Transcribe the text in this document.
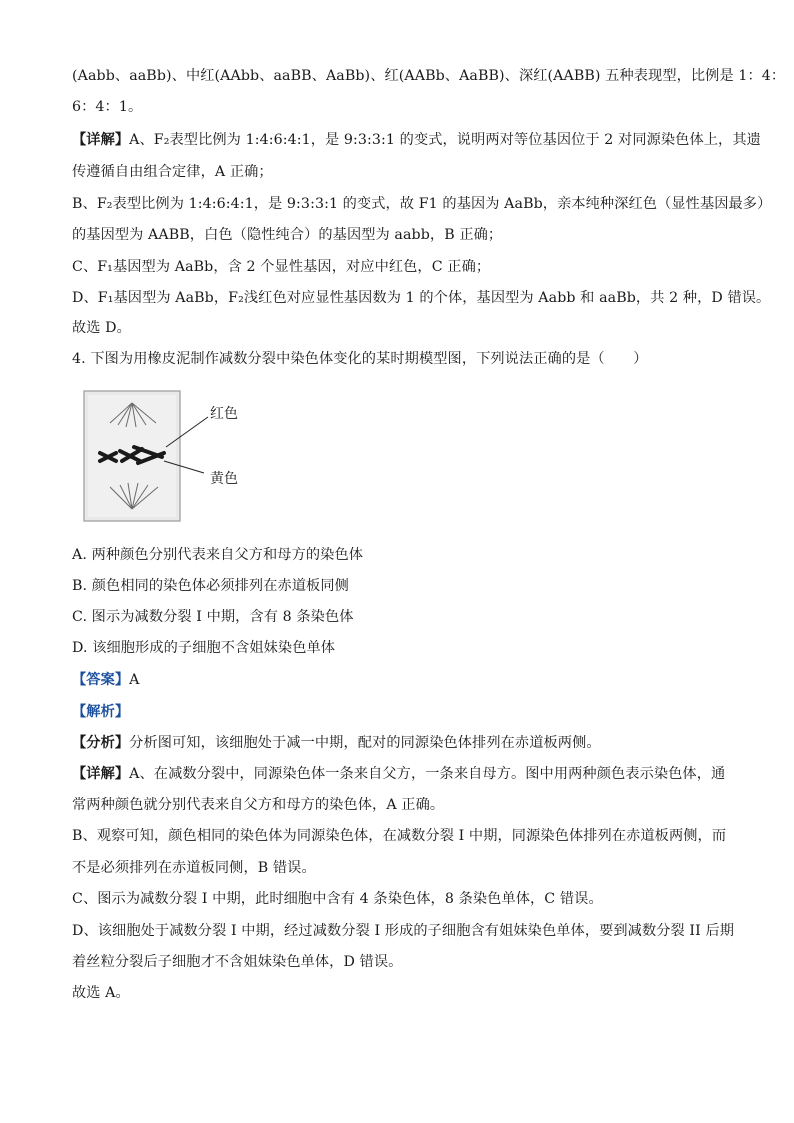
(Aabb、aaBb)、中红(AAbb、aaBB、AaBb)、红(AABb、AaBB)、深红(AABB) 五种表现型，比例是 1：4：
6：4：1。
【详解】A、F₂表型比例为 1:4:6:4:1，是 9:3:3:1 的变式，说明两对等位基因位于 2 对同源染色体上，其遗
传遵循自由组合定律，A 正确；
B、F₂表型比例为 1:4:6:4:1，是 9:3:3:1 的变式，故 F1 的基因为 AaBb，亲本纯种深红色（显性基因最多）
的基因型为 AABB，白色（隐性纯合）的基因型为 aabb，B 正确；
C、F₁基因型为 AaBb，含 2 个显性基因，对应中红色，C 正确；
D、F₁基因型为 AaBb，F₂浅红色对应显性基因数为 1 的个体，基因型为 Aabb 和 aaBb，共 2 种，D 错误。
故选 D。
4. 下图为用橡皮泥制作减数分裂中染色体变化的某时期模型图，下列说法正确的是（　　）
红色
黄色
A. 两种颜色分别代表来自父方和母方的染色体
B. 颜色相同的染色体必须排列在赤道板同侧
C. 图示为减数分裂 I 中期，含有 8 条染色体
D. 该细胞形成的子细胞不含姐妹染色单体
【答案】A
【解析】
【分析】分析图可知，该细胞处于减一中期，配对的同源染色体排列在赤道板两侧。
【详解】A、在减数分裂中，同源染色体一条来自父方，一条来自母方。图中用两种颜色表示染色体，通
常两种颜色就分别代表来自父方和母方的染色体，A 正确。
B、观察可知，颜色相同的染色体为同源染色体，在减数分裂 I 中期，同源染色体排列在赤道板两侧，而
不是必须排列在赤道板同侧，B 错误。
C、图示为减数分裂 I 中期，此时细胞中含有 4 条染色体，8 条染色单体，C 错误。
D、该细胞处于减数分裂 I 中期，经过减数分裂 I 形成的子细胞含有姐妹染色单体，要到减数分裂 II 后期
着丝粒分裂后子细胞才不含姐妹染色单体，D 错误。
故选 A。
